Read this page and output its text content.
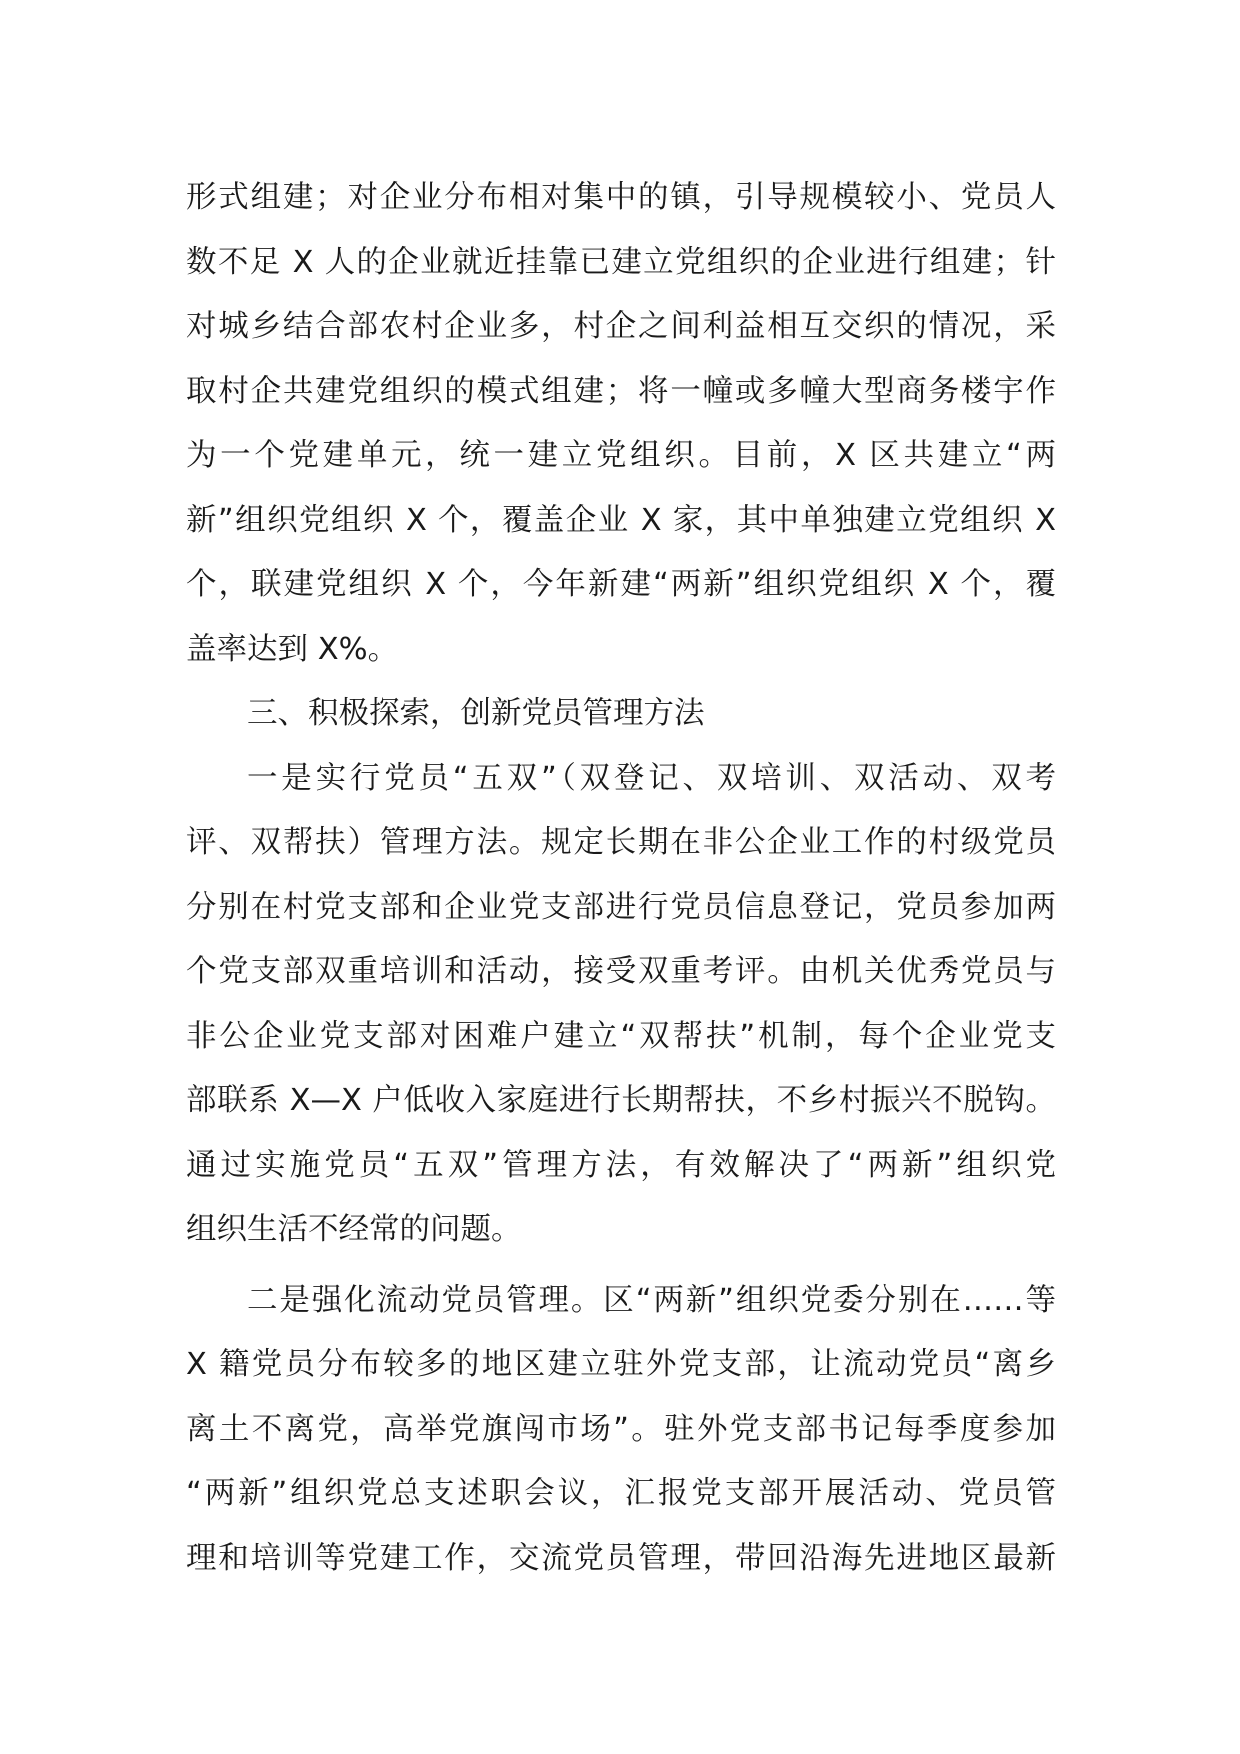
形式组建；对企业分布相对集中的镇，引导规模较小、党员人
数不足 X 人的企业就近挂靠已建立党组织的企业进行组建；针
对城乡结合部农村企业多，村企之间利益相互交织的情况，采
取村企共建党组织的模式组建；将一幢或多幢大型商务楼宇作
为一个党建单元，统一建立党组织。目前，X 区共建立“两
新”组织党组织 X 个，覆盖企业 X 家，其中单独建立党组织 X
个，联建党组织 X 个，今年新建“两新”组织党组织 X 个，覆
盖率达到 X%。
三、积极探索，创新党员管理方法
一是实行党员“五双”（双登记、双培训、双活动、双考
评、双帮扶）管理方法。规定长期在非公企业工作的村级党员
分别在村党支部和企业党支部进行党员信息登记，党员参加两
个党支部双重培训和活动，接受双重考评。由机关优秀党员与
非公企业党支部对困难户建立“双帮扶”机制，每个企业党支
部联系 X—X 户低收入家庭进行长期帮扶，不乡村振兴不脱钩。
通过实施党员“五双”管理方法，有效解决了“两新”组织党
组织生活不经常的问题。
二是强化流动党员管理。区“两新”组织党委分别在……等
X 籍党员分布较多的地区建立驻外党支部，让流动党员“离乡
离土不离党，高举党旗闯市场”。驻外党支部书记每季度参加
“两新”组织党总支述职会议，汇报党支部开展活动、党员管
理和培训等党建工作，交流党员管理，带回沿海先进地区最新
